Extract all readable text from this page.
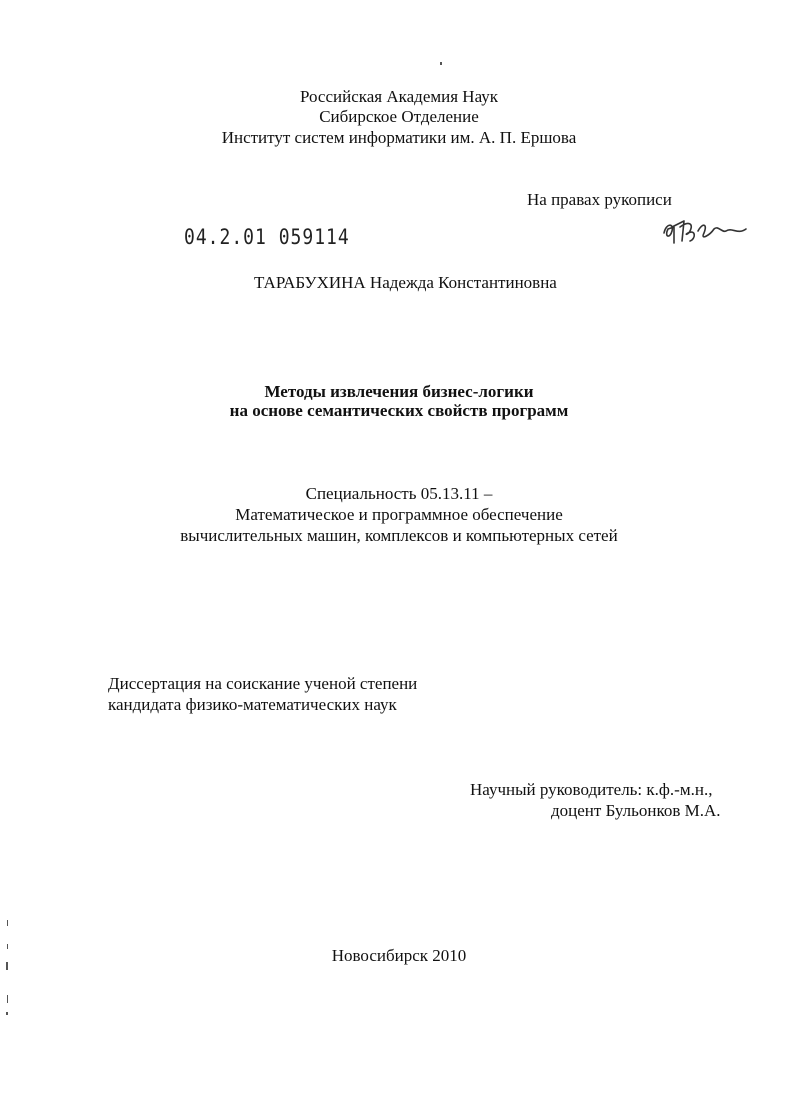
Российская Академия Наук
Сибирское Отделение
Институт систем информатики им. А. П. Ершова
На правах рукописи
04.2.01 059114
ТАРАБУХИНА Надежда Константиновна
Методы извлечения бизнес-логики
на основе семантических свойств программ
Специальность 05.13.11 –
Математическое и программное обеспечение
вычислительных машин, комплексов и компьютерных сетей
Диссертация на соискание ученой степени
кандидата физико-математических наук
Научный руководитель: к.ф.-м.н.,
доцент Бульонков М.А.
Новосибирск 2010
